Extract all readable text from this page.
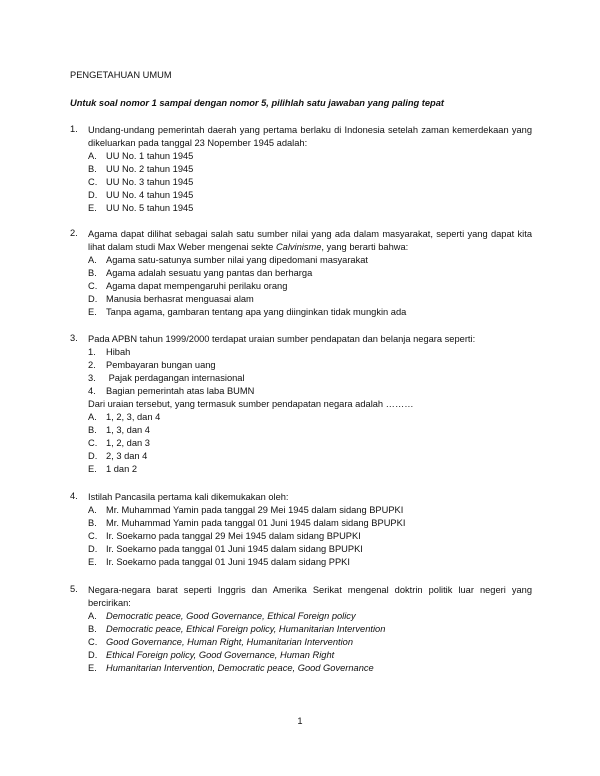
PENGETAHUAN UMUM
Untuk soal nomor 1 sampai dengan nomor 5, pilihlah satu jawaban yang paling tepat
1. Undang-undang pemerintah daerah yang pertama berlaku di Indonesia setelah zaman kemerdekaan yang dikeluarkan pada tanggal 23 Nopember 1945 adalah:
A. UU No. 1 tahun 1945
B. UU No. 2 tahun 1945
C. UU No. 3 tahun 1945
D. UU No. 4 tahun 1945
E. UU No. 5 tahun 1945
2. Agama dapat dilihat sebagai salah satu sumber nilai yang ada dalam masyarakat, seperti yang dapat kita lihat dalam studi Max Weber mengenai sekte Calvinisme, yang berarti bahwa:
A. Agama satu-satunya sumber nilai yang dipedomani masyarakat
B. Agama adalah sesuatu yang pantas dan berharga
C. Agama dapat mempengaruhi perilaku orang
D. Manusia berhasrat menguasai alam
E. Tanpa agama, gambaran tentang apa yang diinginkan tidak mungkin ada
3. Pada APBN tahun 1999/2000 terdapat uraian sumber pendapatan dan belanja negara seperti:
1. Hibah
2. Pembayaran bungan uang
3. Pajak perdagangan internasional
4. Bagian pemerintah atas laba BUMN
Dari uraian tersebut, yang termasuk sumber pendapatan negara adalah ………
A. 1, 2, 3, dan 4
B. 1, 3, dan 4
C. 1, 2, dan 3
D. 2, 3 dan 4
E. 1 dan 2
4. Istilah Pancasila pertama kali dikemukakan oleh:
A. Mr. Muhammad Yamin pada tanggal 29 Mei 1945 dalam sidang BPUPKI
B. Mr. Muhammad Yamin pada tanggal 01 Juni 1945 dalam sidang BPUPKI
C. Ir. Soekarno pada tanggal 29 Mei 1945 dalam sidang BPUPKI
D. Ir. Soekarno pada tanggal 01 Juni 1945 dalam sidang BPUPKI
E. Ir. Soekarno pada tanggal 01 Juni 1945 dalam sidang PPKI
5. Negara-negara barat seperti Inggris dan Amerika Serikat mengenal doktrin politik luar negeri yang bercirikan:
A. Democratic peace, Good Governance, Ethical Foreign policy
B. Democratic peace, Ethical Foreign policy, Humanitarian Intervention
C. Good Governance, Human Right, Humanitarian Intervention
D. Ethical Foreign policy, Good Governance, Human Right
E. Humanitarian Intervention, Democratic peace, Good Governance
1
